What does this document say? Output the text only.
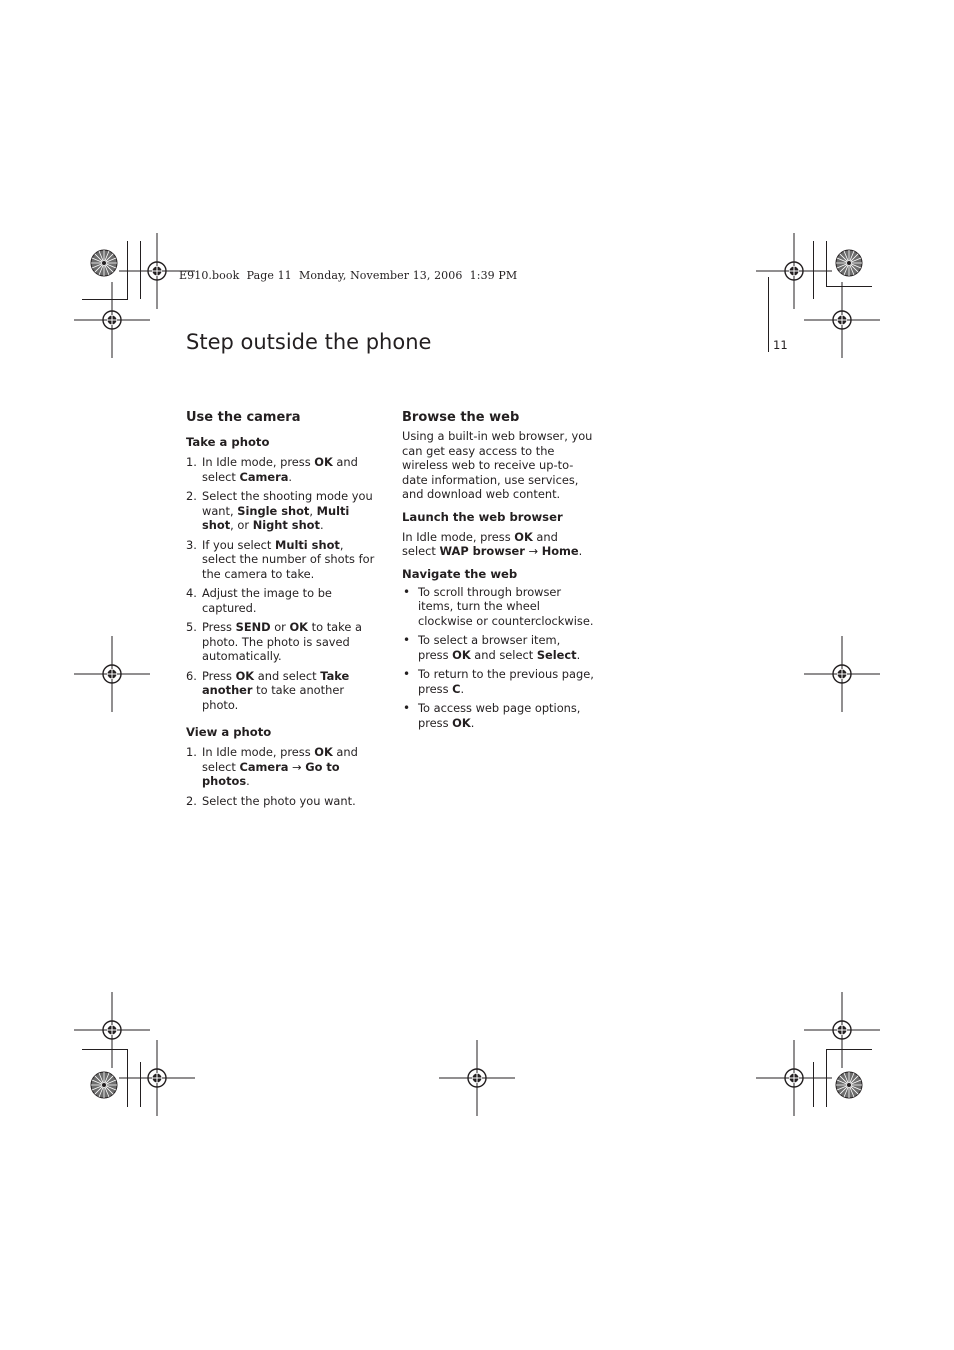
E910.book  Page 11  Monday, November 13, 2006  1:39 PM
11
Step outside the phone
Use the camera
Take a photo
1. In Idle mode, press OK and select Camera.
2. Select the shooting mode you want, Single shot, Multi shot, or Night shot.
3. If you select Multi shot, select the number of shots for the camera to take.
4. Adjust the image to be captured.
5. Press SEND or OK to take a photo. The photo is saved automatically.
6. Press OK and select Take another to take another photo.
View a photo
1. In Idle mode, press OK and select Camera → Go to photos.
2. Select the photo you want.
Browse the web

Using a built-in web browser, you can get easy access to the wireless web to receive up-to-date information, use services, and download web content.

Launch the web browser

In Idle mode, press OK and select WAP browser → Home.

Navigate the web
• To scroll through browser items, turn the wheel clockwise or counterclockwise.
• To select a browser item, press OK and select Select.
• To return to the previous page, press C.
• To access web page options, press OK.
